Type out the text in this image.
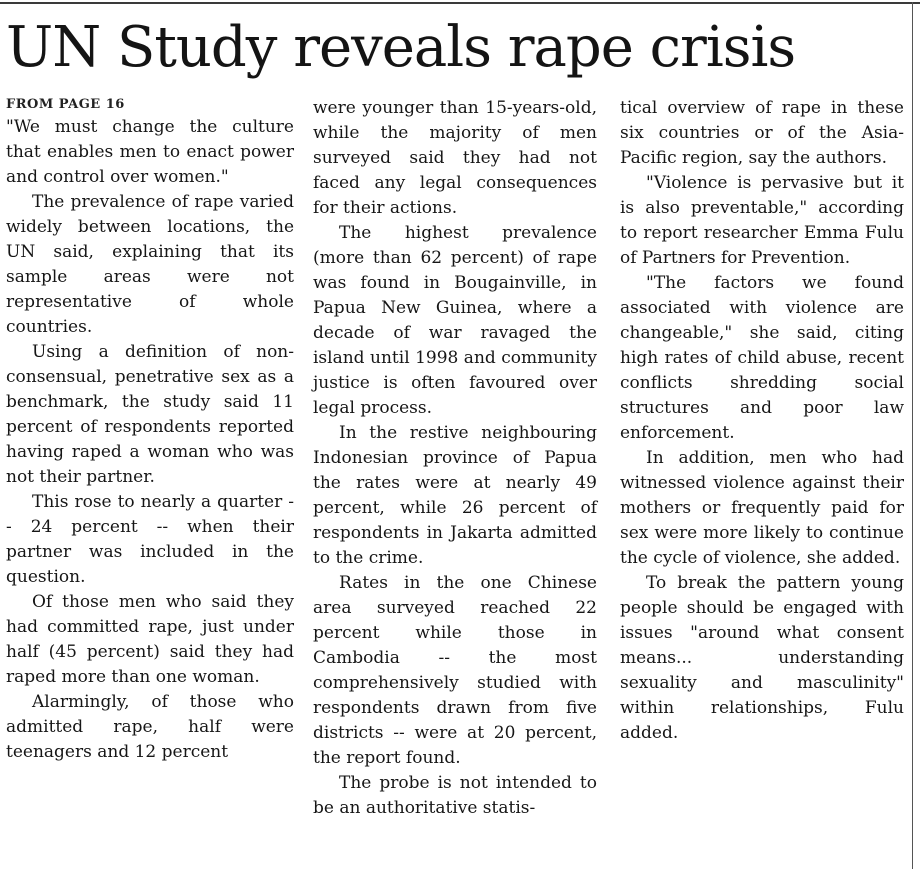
UN Study reveals rape crisis
FROM PAGE 16

"We must change the culture that enables men to enact power and control over women."

The prevalence of rape varied widely between locations, the UN said, explaining that its sample areas were not representative of whole countries.

Using a definition of non-consensual, penetrative sex as a benchmark, the study said 11 percent of respondents reported having raped a woman who was not their partner.

This rose to nearly a quarter -- 24 percent -- when their partner was included in the question.

Of those men who said they had committed rape, just under half (45 percent) said they had raped more than one woman.

Alarmingly, of those who admitted rape, half were teenagers and 12 percent

were younger than 15-years-old, while the majority of men surveyed said they had not faced any legal consequences for their actions.

The highest prevalence (more than 62 percent) of rape was found in Bougainville, in Papua New Guinea, where a decade of war ravaged the island until 1998 and community justice is often favoured over legal process.

In the restive neighbouring Indonesian province of Papua the rates were at nearly 49 percent, while 26 percent of respondents in Jakarta admitted to the crime.

Rates in the one Chinese area surveyed reached 22 percent while those in Cambodia -- the most comprehensively studied with respondents drawn from five districts -- were at 20 percent, the report found.

The probe is not intended to be an authoritative statis-

tical overview of rape in these six countries or of the Asia-Pacific region, say the authors.

"Violence is pervasive but it is also preventable," according to report researcher Emma Fulu of Partners for Prevention.

"The factors we found associated with violence are changeable," she said, citing high rates of child abuse, recent conflicts shredding social structures and poor law enforcement.

In addition, men who had witnessed violence against their mothers or frequently paid for sex were more likely to continue the cycle of violence, she added.

To break the pattern young people should be engaged with issues "around what consent means... understanding sexuality and masculinity" within relationships, Fulu added.
